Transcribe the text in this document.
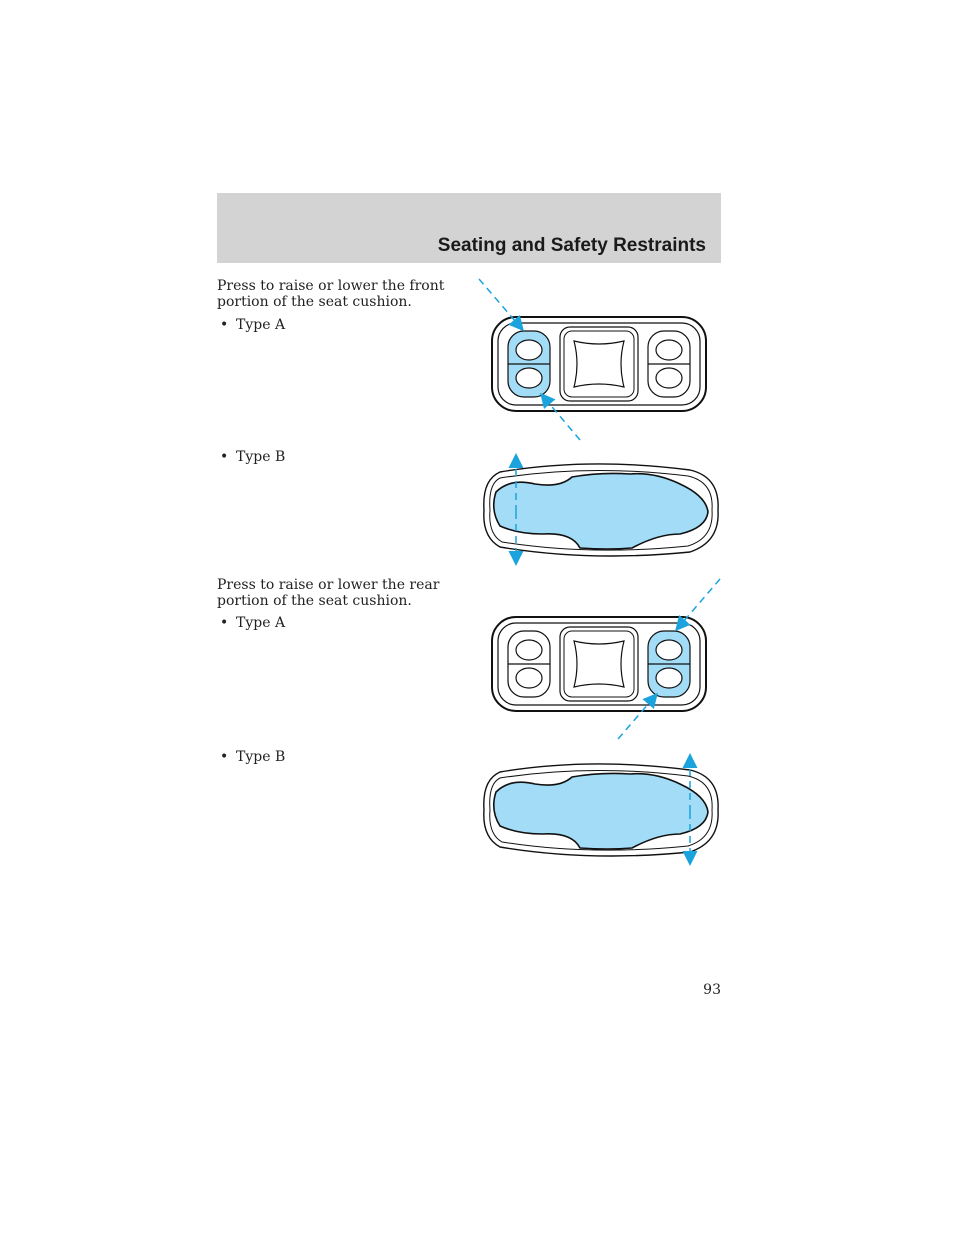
Seating and Safety Restraints

Press to raise or lower the front
portion of the seat cushion.

• Type A
• Type B

Press to raise or lower the rear
portion of the seat cushion.

• Type A
• Type B
93
